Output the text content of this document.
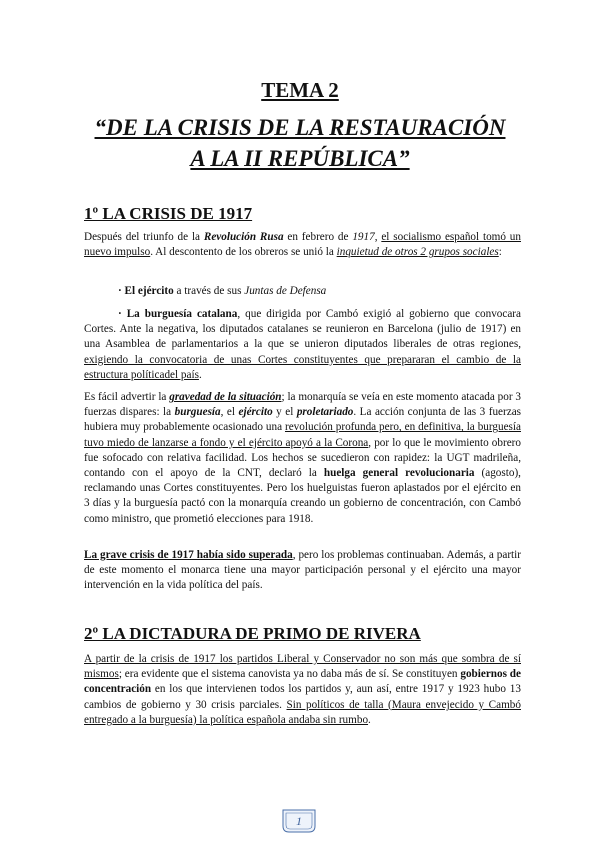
TEMA 2
“DE LA CRISIS DE LA RESTAURACIÓN
A LA II REPÚBLICA”
1º LA CRISIS DE 1917

Después del triunfo de la Revolución Rusa en febrero de 1917, el socialismo español tomó un nuevo impulso. Al descontento de los obreros se unió la inquietud de otros 2 grupos sociales:

· El ejército a través de sus Juntas de Defensa

· La burguesía catalana, que dirigida por Cambó exigió al gobierno que convocara Cortes. Ante la negativa, los diputados catalanes se reunieron en Barcelona (julio de 1917) en una Asamblea de parlamentarios a la que se unieron diputados liberales de otras regiones, exigiendo la convocatoria de unas Cortes constituyentes que prepararan el cambio de la estructura políticadel país.

Es fácil advertir la gravedad de la situación; la monarquía se veía en este momento atacada por 3 fuerzas dispares: la burguesía, el ejército y el proletariado. La acción conjunta de las 3 fuerzas hubiera muy probablemente ocasionado una revolución profunda pero, en definitiva, la burguesía tuvo miedo de lanzarse a fondo y el ejército apoyó a la Corona, por lo que le movimiento obrero fue sofocado con relativa facilidad. Los hechos se sucedieron con rapidez: la UGT madrileña, contando con el apoyo de la CNT, declaró la huelga general revolucionaria (agosto), reclamando unas Cortes constituyentes. Pero los huelguistas fueron aplastados por el ejército en 3 días y la burguesía pactó con la monarquía creando un gobierno de concentración, con Cambó como ministro, que prometió elecciones para 1918.

La grave crisis de 1917 había sido superada, pero los problemas continuaban. Además, a partir de este momento el monarca tiene una mayor participación personal y el ejército una mayor intervención en la vida política del país.

2º LA DICTADURA DE PRIMO DE RIVERA

A partir de la crisis de 1917 los partidos Liberal y Conservador no son más que sombra de sí mismos; era evidente que el sistema canovista ya no daba más de sí. Se constituyen gobiernos de concentración en los que intervienen todos los partidos y, aun así, entre 1917 y 1923 hubo 13 cambios de gobierno y 30 crisis parciales. Sin políticos de talla (Maura envejecido y Cambó entregado a la burguesía) la política española andaba sin rumbo.

1
